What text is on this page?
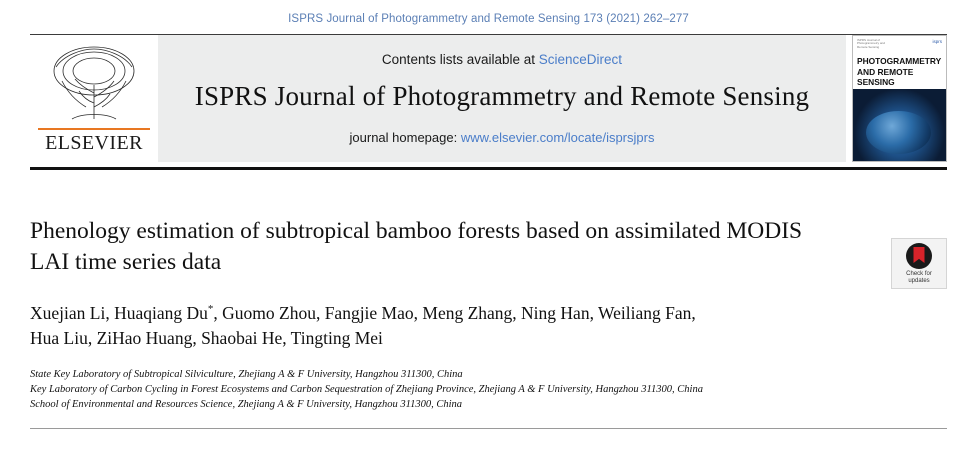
ISPRS Journal of Photogrammetry and Remote Sensing 173 (2021) 262–277
ELSEVIER
Contents lists available at ScienceDirect
ISPRS Journal of Photogrammetry and Remote Sensing
journal homepage: www.elsevier.com/locate/isprsjprs
ISPRS Journal of Photogrammetry and Remote Sensing
isprs
PHOTOGRAMMETRY
AND REMOTE SENSING
Check for
updates
Phenology estimation of subtropical bamboo forests based on assimilated MODIS LAI time series data
Xuejian Li, Huaqiang Du*, Guomo Zhou, Fangjie Mao, Meng Zhang, Ning Han, Weiliang Fan,
Hua Liu, ZiHao Huang, Shaobai He, Tingting Mei
State Key Laboratory of Subtropical Silviculture, Zhejiang A & F University, Hangzhou 311300, China
Key Laboratory of Carbon Cycling in Forest Ecosystems and Carbon Sequestration of Zhejiang Province, Zhejiang A & F University, Hangzhou 311300, China
School of Environmental and Resources Science, Zhejiang A & F University, Hangzhou 311300, China
